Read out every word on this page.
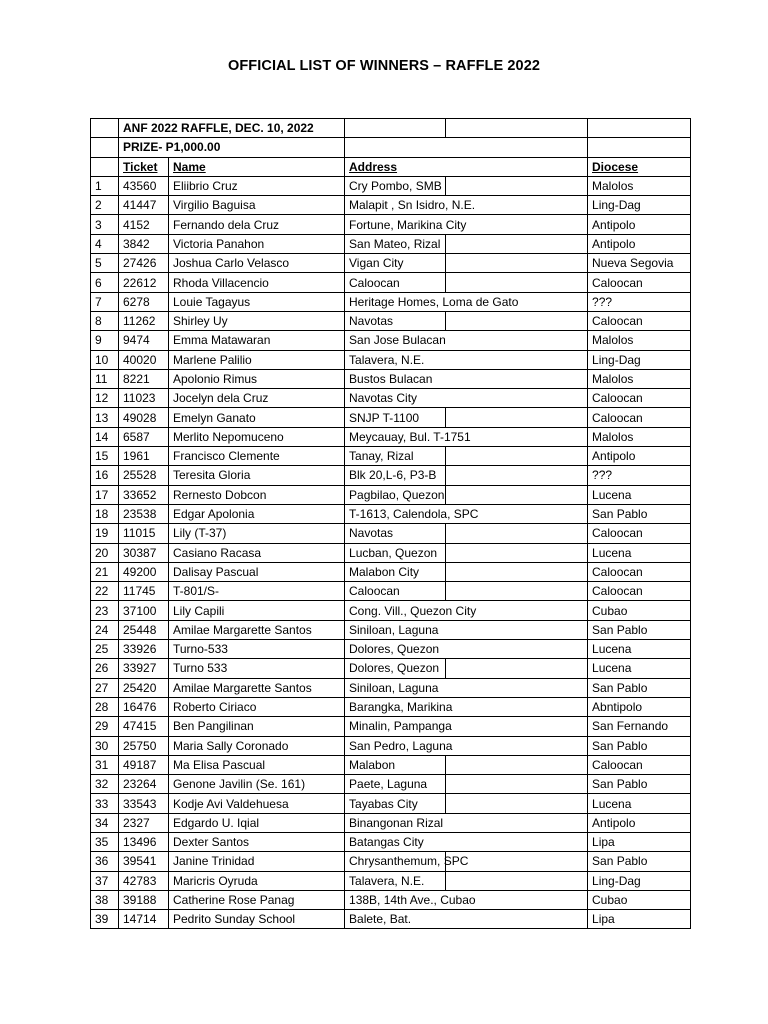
OFFICIAL LIST OF WINNERS – RAFFLE 2022
	ANF 2022 RAFFLE, DEC. 10, 2022				
	PRIZE- P1,000.00				
	Ticket	Name	Address		Diocese
1	43560	Eliibrio Cruz	Cry Pombo, SMB		Malolos
2	41447	Virgilio Baguisa	Malapit , Sn Isidro, N.E.		Ling-Dag
3	4152	Fernando dela Cruz	Fortune, Marikina City		Antipolo
4	3842	Victoria Panahon	San Mateo, Rizal		Antipolo
5	27426	Joshua Carlo Velasco	Vigan City		Nueva Segovia
6	22612	Rhoda Villacencio	Caloocan		Caloocan
7	6278	Louie Tagayus	Heritage Homes, Loma de Gato		???
8	11262	Shirley Uy	Navotas		Caloocan
9	9474	Emma Matawaran	San Jose Bulacan		Malolos
10	40020	Marlene Palilio	Talavera, N.E.		Ling-Dag
11	8221	Apolonio Rimus	Bustos Bulacan		Malolos
12	11023	Jocelyn dela Cruz	Navotas City		Caloocan
13	49028	Emelyn Ganato	SNJP T-1100		Caloocan
14	6587	Merlito Nepomuceno	Meycauay, Bul. T-1751		Malolos
15	1961	Francisco Clemente	Tanay, Rizal		Antipolo
16	25528	Teresita Gloria	Blk 20,L-6, P3-B		???
17	33652	Rernesto Dobcon	Pagbilao, Quezon		Lucena
18	23538	Edgar Apolonia	T-1613, Calendola, SPC		San Pablo
19	11015	Lily (T-37)	Navotas		Caloocan
20	30387	Casiano Racasa	Lucban, Quezon		Lucena
21	49200	Dalisay Pascual	Malabon City		Caloocan
22	11745	T-801/S-	Caloocan		Caloocan
23	37100	Lily Capili	Cong. Vill., Quezon City		Cubao
24	25448	Amilae Margarette Santos	Siniloan, Laguna		San Pablo
25	33926	Turno-533	Dolores, Quezon		Lucena
26	33927	Turno 533	Dolores, Quezon		Lucena
27	25420	Amilae Margarette Santos	Siniloan, Laguna		San Pablo
28	16476	Roberto Ciriaco	Barangka, Marikina		Abntipolo
29	47415	Ben Pangilinan	Minalin, Pampanga		San Fernando
30	25750	Maria Sally Coronado	San Pedro, Laguna		San Pablo
31	49187	Ma Elisa Pascual	Malabon		Caloocan
32	23264	Genone Javilin (Se. 161)	Paete, Laguna		San Pablo
33	33543	Kodje Avi Valdehuesa	Tayabas City		Lucena
34	2327	Edgardo U. Iqial	Binangonan Rizal		Antipolo
35	13496	Dexter Santos	Batangas City		Lipa
36	39541	Janine Trinidad	Chrysanthemum, SPC		San Pablo
37	42783	Maricris Oyruda	Talavera, N.E.		Ling-Dag
38	39188	Catherine Rose Panag	138B, 14th Ave., Cubao		Cubao
39	14714	Pedrito Sunday School	Balete, Bat.		Lipa
